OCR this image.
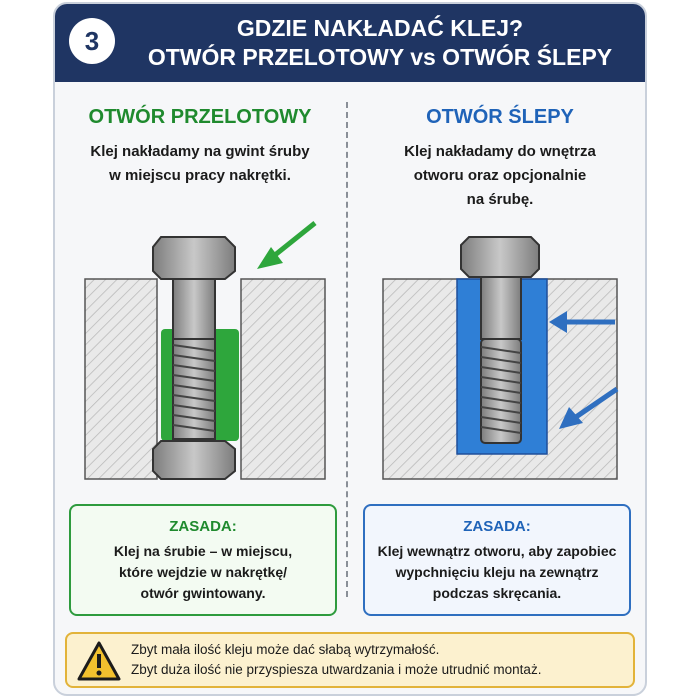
3	GDZIE NAKŁADAĆ KLEJ?
OTWÓR PRZELOTOWY vs OTWÓR ŚLEPY
OTWÓR PRZELOTOWY
Klej nakładamy na gwint śruby
w miejscu pracy nakrętki.
OTWÓR ŚLEPY
Klej nakładamy do wnętrza
otworu oraz opcjonalnie
na śrubę.
ZASADA:
Klej na śrubie – w miejscu,
które wejdzie w nakrętkę/
otwór gwintowany.
ZASADA:
Klej wewnątrz otworu, aby zapobiec
wypchnięciu kleju na zewnątrz
podczas skręcania.
Zbyt mała ilość kleju może dać słabą wytrzymałość.
Zbyt duża ilość nie przyspiesza utwardzania i może utrudnić montaż.
